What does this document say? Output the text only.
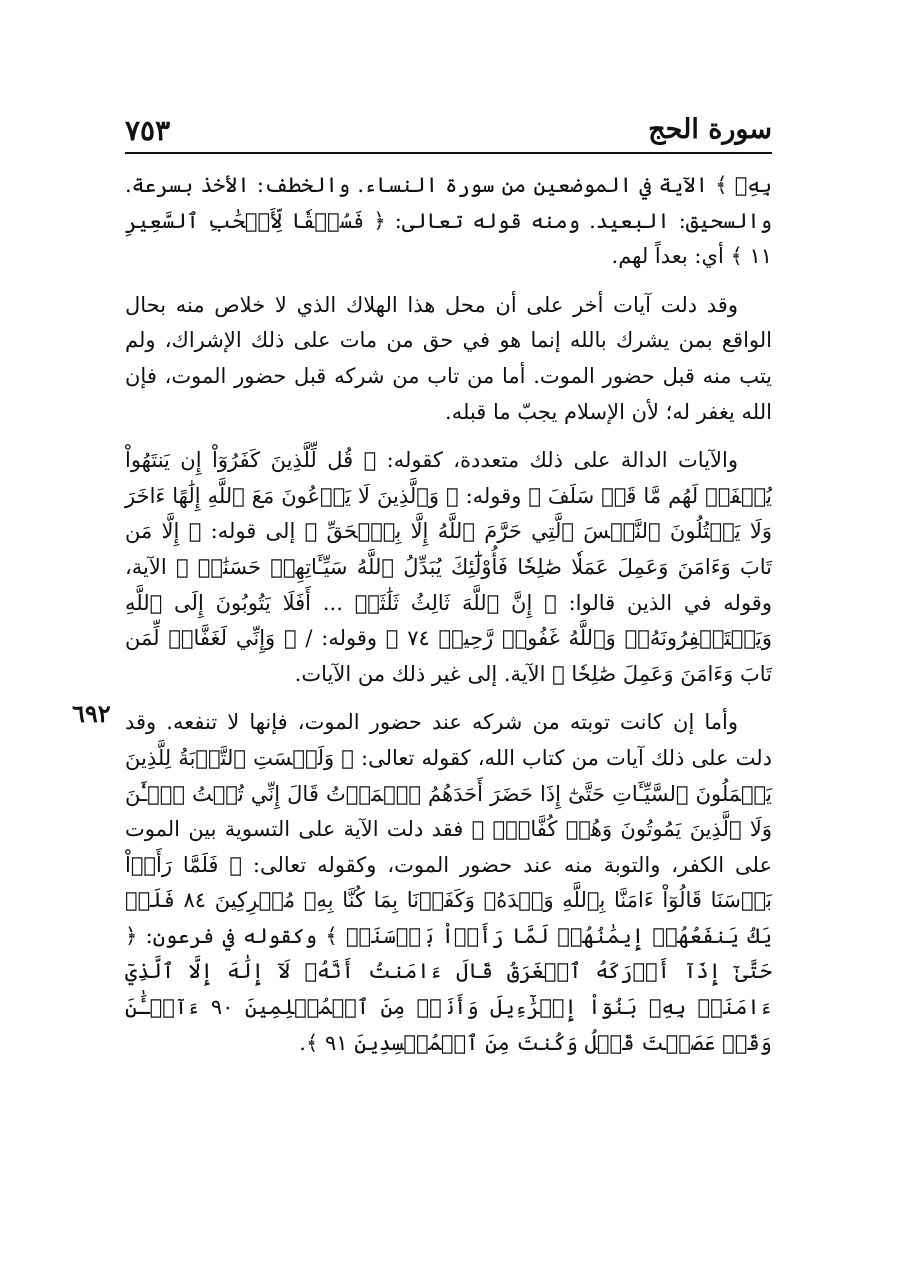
سورة الحج
٧٥٣

بِهِۦ ﴾ الآية في الموضعين من سورة النساء. والخطف: الأخذ بسرعة. والسحيق: البعيد. ومنه قوله تعالى: ﴿ فَسُحۡقٗا لِّأَصۡحَٰبِ ٱلسَّعِيرِ ١١ ﴾ أي: بعداً لهم.

وقد دلت آيات أخر على أن محل هذا الهلاك الذي لا خلاص منه بحال الواقع بمن يشرك بالله إنما هو في حق من مات على ذلك الإشراك، ولم يتب منه قبل حضور الموت. أما من تاب من شركه قبل حضور الموت، فإن الله يغفر له؛ لأن الإسلام يجبّ ما قبله.

والآيات الدالة على ذلك متعددة، كقوله: ﴿ قُل لِّلَّذِينَ كَفَرُوٓاْ إِن يَنتَهُواْ يُغۡفَرۡ لَهُم مَّا قَدۡ سَلَفَ ﴾ وقوله: ﴿ وَٱلَّذِينَ لَا يَدۡعُونَ مَعَ ٱللَّهِ إِلَٰهًا ءَاخَرَ وَلَا يَقۡتُلُونَ ٱلنَّفۡسَ ٱلَّتِي حَرَّمَ ٱللَّهُ إِلَّا بِٱلۡحَقِّ ﴾ إلى قوله: ﴿ إِلَّا مَن تَابَ وَءَامَنَ وَعَمِلَ عَمَلٗا صَٰلِحٗا فَأُوْلَٰٓئِكَ يُبَدِّلُ ٱللَّهُ سَيِّـَٔاتِهِمۡ حَسَنَٰتٖ ﴾ الآية، وقوله في الذين قالوا: ﴿ إِنَّ ٱللَّهَ ثَالِثُ ثَلَٰثَةٖ ... أَفَلَا يَتُوبُونَ إِلَى ٱللَّهِ وَيَسۡتَغۡفِرُونَهُۥۚ وَٱللَّهُ غَفُورٞ رَّحِيمٞ ٧٤ ﴾ وقوله: / ﴿ وَإِنِّي لَغَفَّارٞ لِّمَن تَابَ وَءَامَنَ وَعَمِلَ صَٰلِحٗا ﴾ الآية. إلى غير ذلك من الآيات.

وأما إن كانت توبته من شركه عند حضور الموت، فإنها لا تنفعه. وقد دلت على ذلك آيات من كتاب الله، كقوله تعالى: ﴿ وَلَيۡسَتِ ٱلتَّوۡبَةُ لِلَّذِينَ يَعۡمَلُونَ ٱلسَّيِّـَٔاتِ حَتَّىٰٓ إِذَا حَضَرَ أَحَدَهُمُ ٱلۡمَوۡتُ قَالَ إِنِّي تُبۡتُ ٱلۡـَٰٔنَ وَلَا ٱلَّذِينَ يَمُوتُونَ وَهُمۡ كُفَّارٌۚ ﴾ فقد دلت الآية على التسوية بين الموت على الكفر، والتوبة منه عند حضور الموت، وكقوله تعالى: ﴿ فَلَمَّا رَأَوۡاْ بَأۡسَنَا قَالُوٓاْ ءَامَنَّا بِٱللَّهِ وَحۡدَهُۥ وَكَفَرۡنَا بِمَا كُنَّا بِهِۦ مُشۡرِكِينَ ٨٤ فَلَمۡ يَكُ يَنفَعُهُمۡ إِيمَٰنُهُمۡ لَمَّا رَأَوۡاْ بَأۡسَنَاۖ ﴾ وكقوله في فرعون: ﴿ حَتَّىٰٓ إِذَآ أَدۡرَكَهُ ٱلۡغَرَقُ قَالَ ءَامَنتُ أَنَّهُۥ لَآ إِلَٰهَ إِلَّا ٱلَّذِيٓ ءَامَنَتۡ بِهِۦ بَنُوٓاْ إِسۡرَٰٓءِيلَ وَأَنَا۠ مِنَ ٱلۡمُسۡلِمِينَ ٩٠ ءَآلۡـَٰٔنَ وَقَدۡ عَصَيۡتَ قَبۡلُ وَكُنتَ مِنَ ٱلۡمُفۡسِدِينَ ٩١ ﴾.

٦٩٢
